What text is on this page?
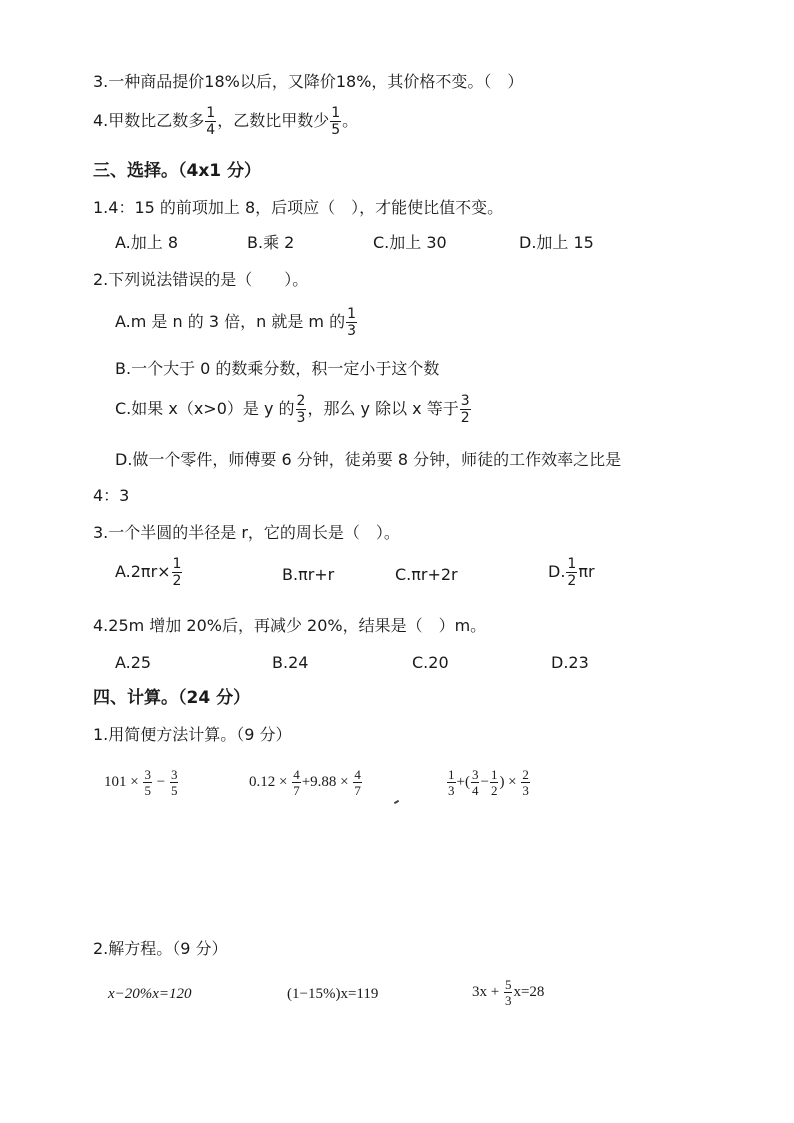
3.一种商品提价18%以后，又降价18%，其价格不变。（　）
4.甲数比乙数多 $\frac{1}{4}$ ，乙数比甲数少 $\frac{1}{5}$ 。
三、选择。（4x1 分）
1.4：15 的前项加上 8，后项应（　），才能使比值不变。
A.加上 8	B.乘 2	C.加上 30	D.加上 15
2.下列说法错误的是（　　）。
A.m 是 n 的 3 倍，n 就是 m 的 $\frac{1}{3}$
B.一个大于 0 的数乘分数，积一定小于这个数
C.如果 x（x>0）是 y 的 $\frac{2}{3}$ ，那么 y 除以 x 等于 $\frac{3}{2}$
D.做一个零件，师傅要 6 分钟，徒弟要 8 分钟，师徒的工作效率之比是
4：3
3.一个半圆的半径是 r，它的周长是（　）。
$A.2\pi r\times \frac{1}{2}$	B.πr+r	C.πr+2r	D. $\frac{1}{2}$ πr
4.25m 增加 20%后，再减少 20%，结果是（　）m。
A.25	B.24	C.20	D.23
四、计算。（24 分）
1.用简便方法计算。（9 分）
$101 \times \frac{3}{5} - \frac{3}{5}$	$0.12 \times \frac{4}{7} +9.88 \times \frac{4}{7}$	$\frac{1}{3}$ +( $\frac{3}{4} - \frac{1}{2}$ ) × $\frac{2}{3}$
2.解方程。（9 分）
x−20%x=120	(1−15%)x=119	$3x + \frac{5}{3} x=28$
